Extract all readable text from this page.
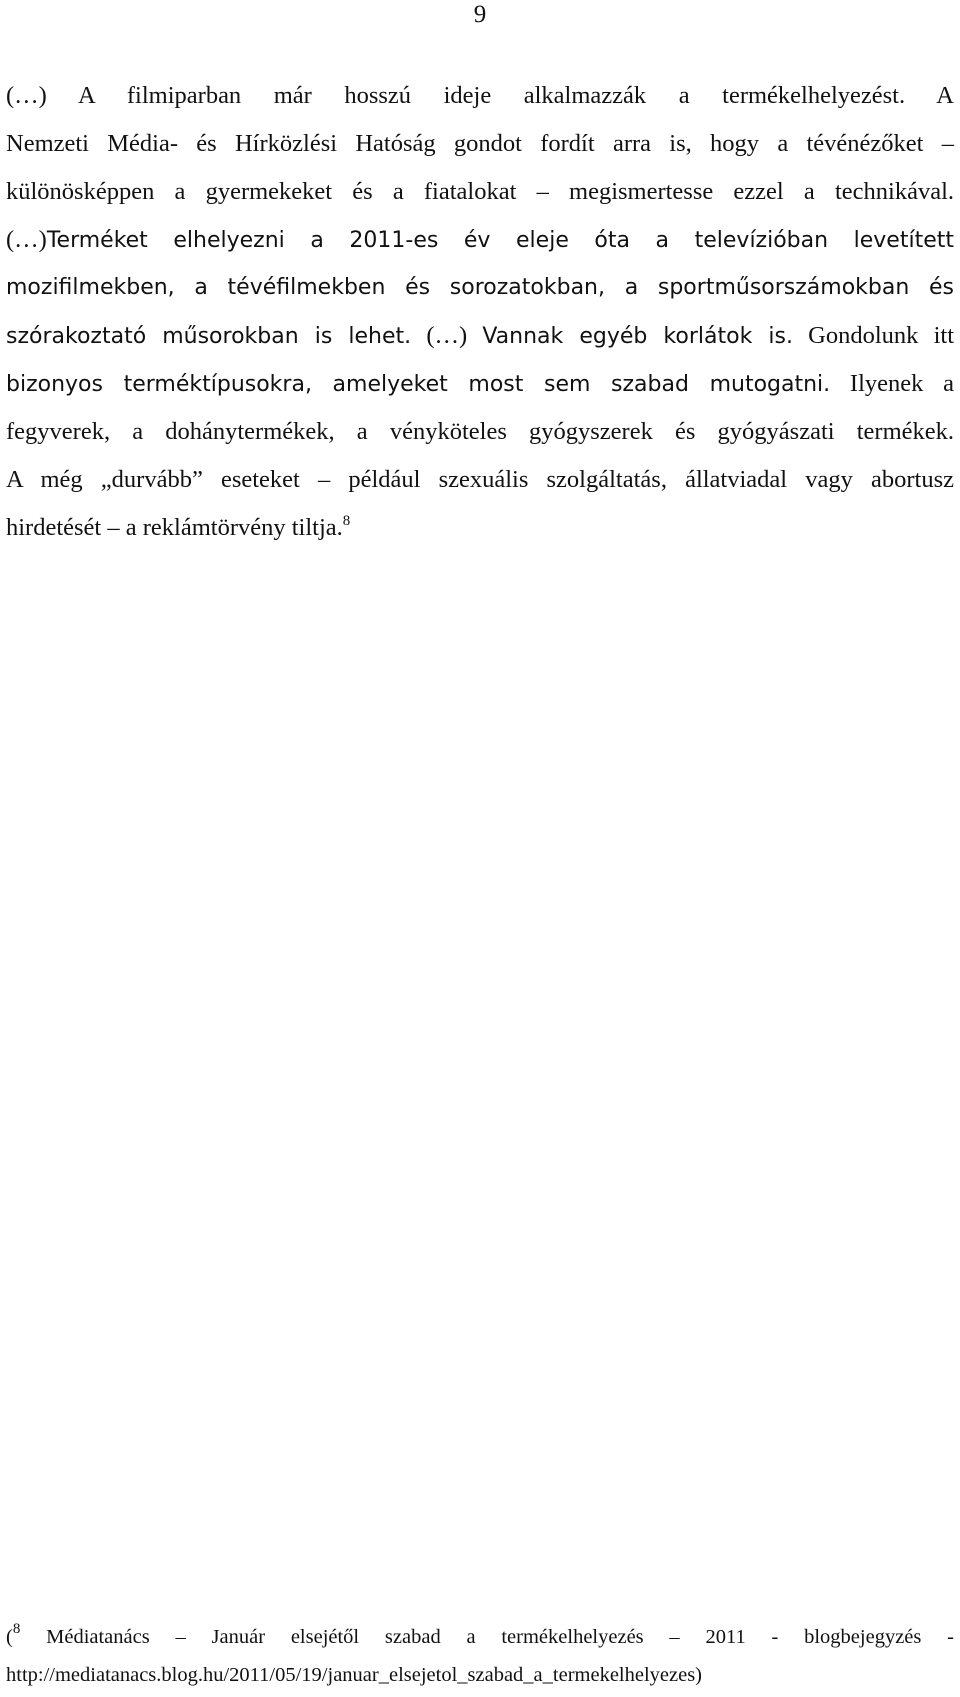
9
(…) A filmiparban már hosszú ideje alkalmazzák a termékelhelyezést. A
Nemzeti Média- és Hírközlési Hatóság gondot fordít arra is, hogy a tévénézőket –
különösképpen a gyermekeket és a fiatalokat – megismertesse ezzel a technikával.
(…)Terméket elhelyezni a 2011-es év eleje óta a televízióban levetített
mozifilmekben, a tévéfilmekben és sorozatokban, a sportműsorszámokban és
szórakoztató műsorokban is lehet. (…) Vannak egyéb korlátok is. Gondolunk itt
bizonyos terméktípusokra, amelyeket most sem szabad mutogatni. Ilyenek a
fegyverek, a dohánytermékek, a vényköteles gyógyszerek és gyógyászati termékek.
A még „durvább” eseteket – például szexuális szolgáltatás, állatviadal vagy abortusz
hirdetését – a reklámtörvény tiltja.$^8$
($^8$ Médiatanács – Január elsejétől szabad a termékelhelyezés – 2011 - blogbejegyzés -
http://mediatanacs.blog.hu/2011/05/19/januar_elsejetol_szabad_a_termekelhelyezes)
